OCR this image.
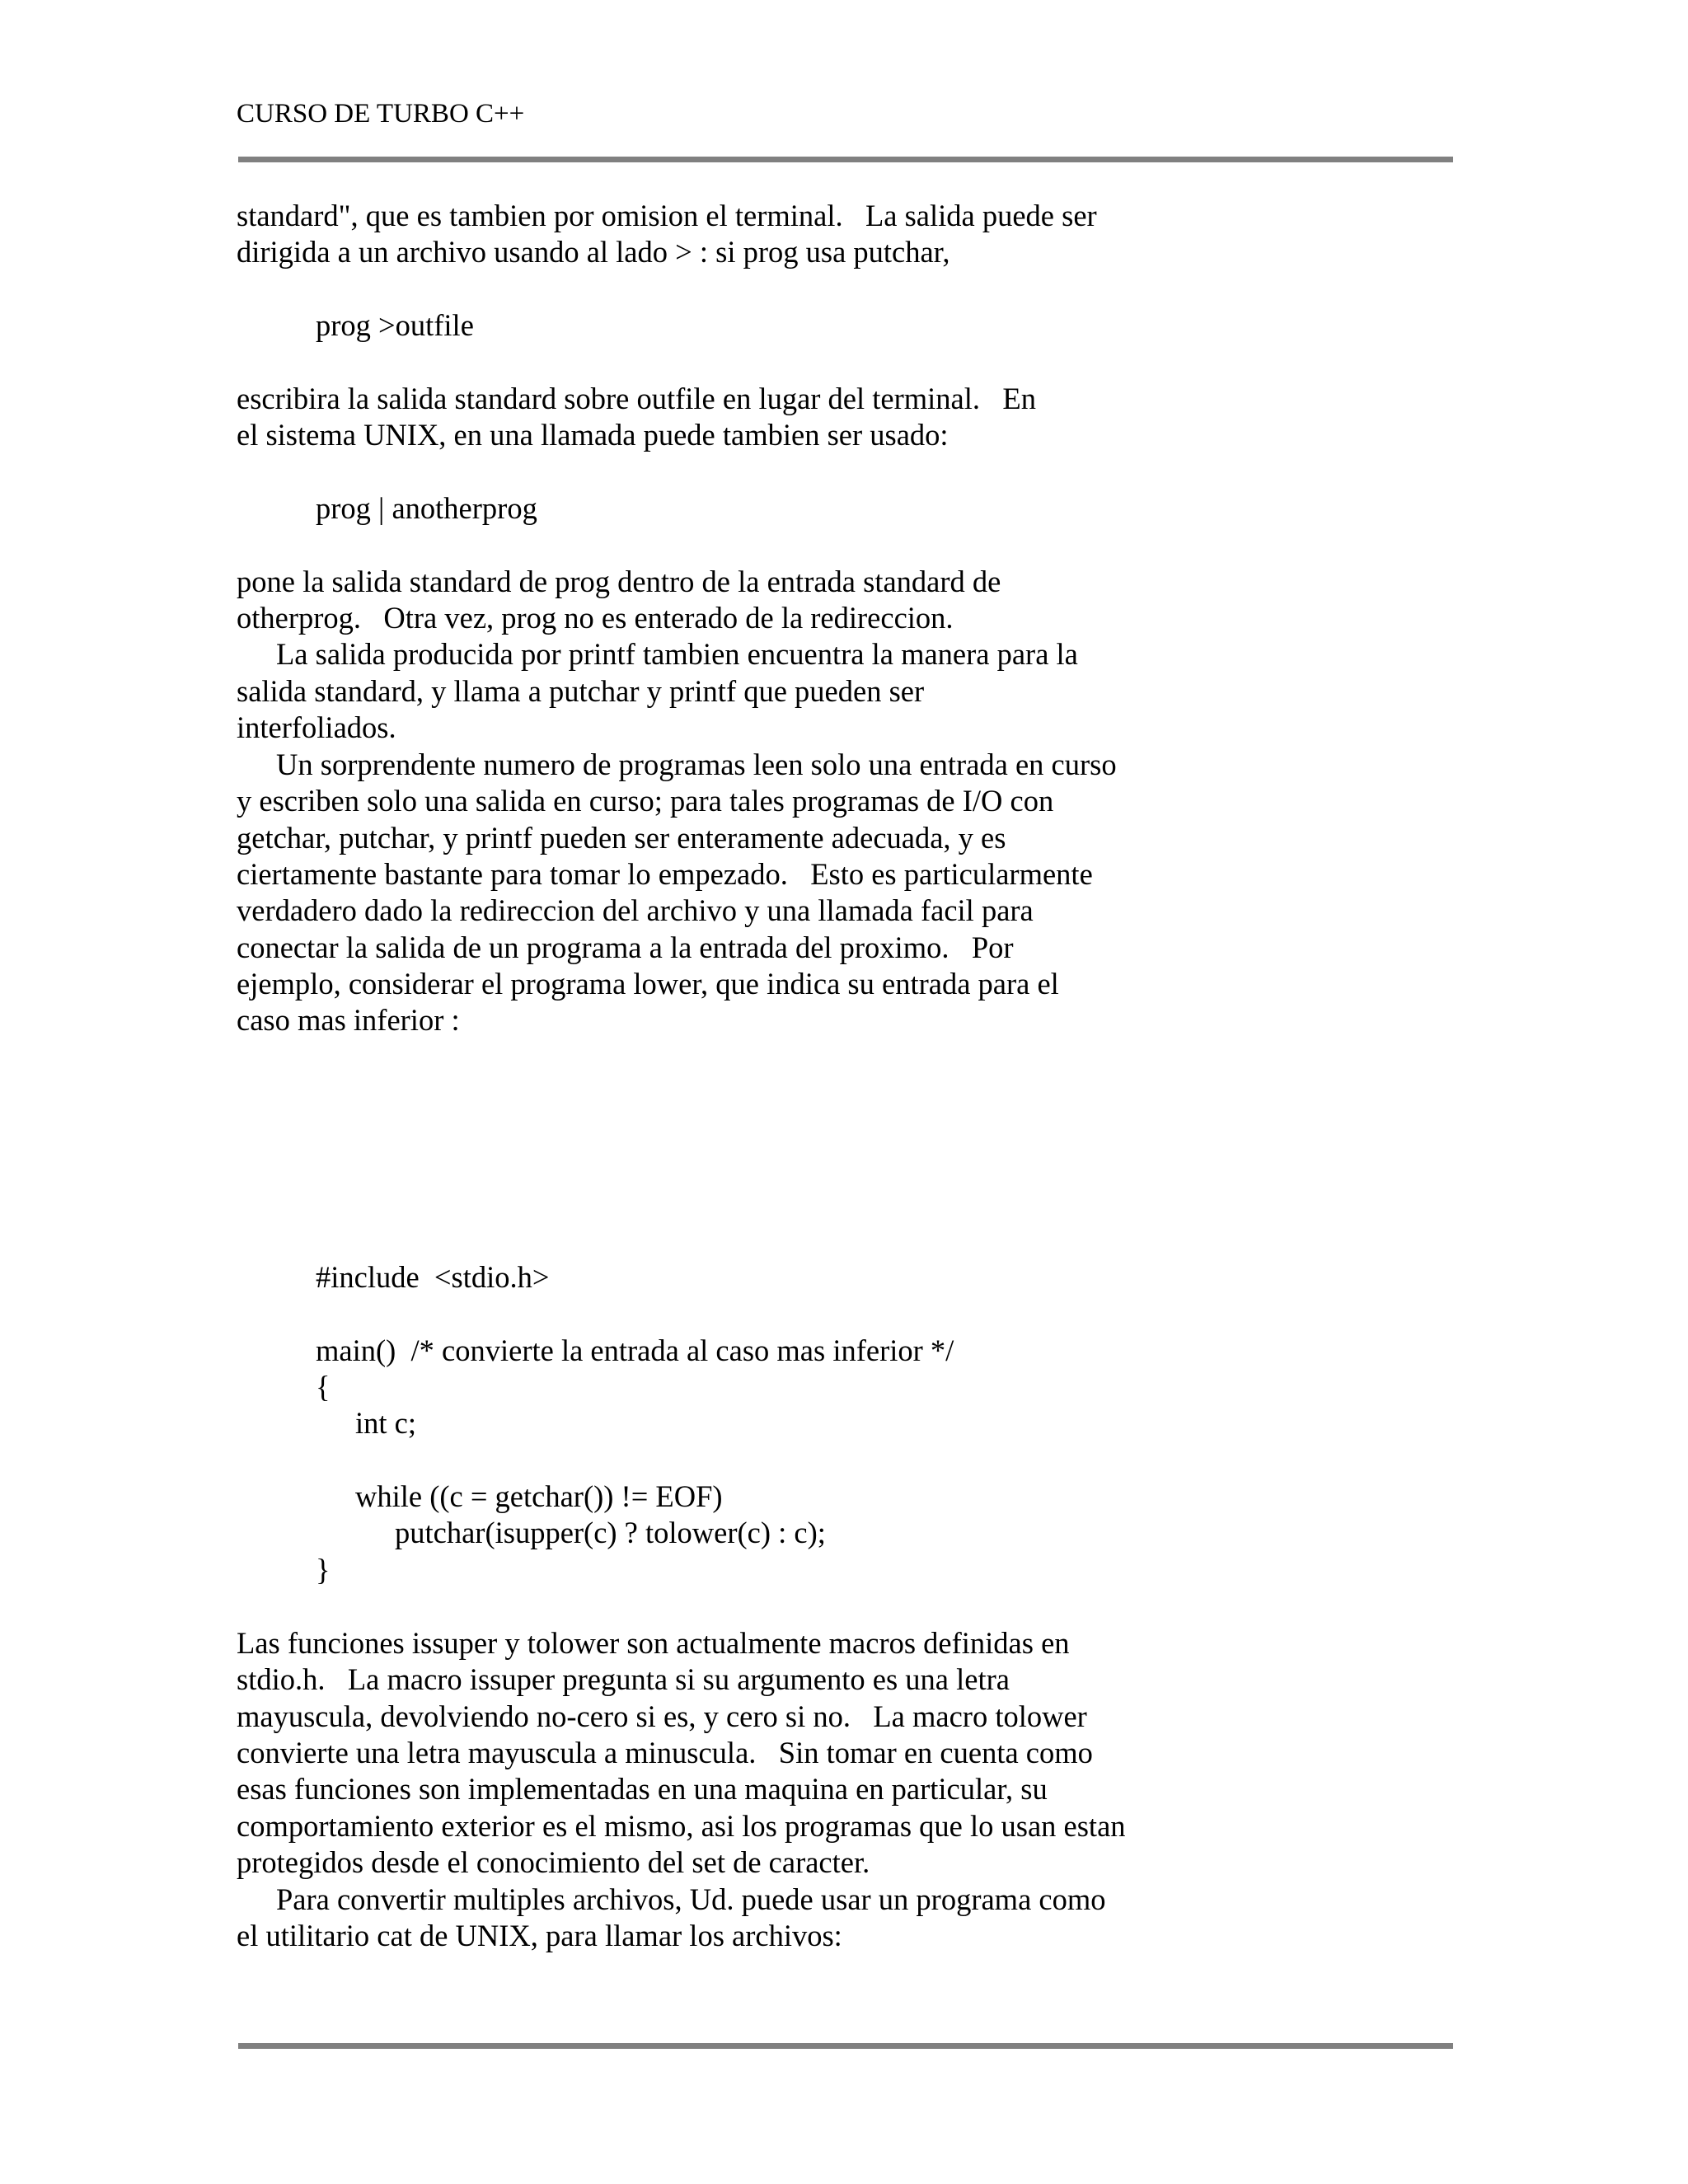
CURSO DE TURBO C++
standard", que es tambien por omision el terminal.   La salida puede ser
dirigida a un archivo usando al lado > : si prog usa putchar,
prog >outfile
escribira la salida standard sobre outfile en lugar del terminal.   En
el sistema UNIX, en una llamada puede tambien ser usado:
prog | anotherprog
pone la salida standard de prog dentro de la entrada standard de
otherprog.   Otra vez, prog no es enterado de la redireccion.
La salida producida por printf tambien encuentra la manera para la
salida standard, y llama a putchar y printf que pueden ser
interfoliados.
Un sorprendente numero de programas leen solo una entrada en curso
y escriben solo una salida en curso; para tales programas de I/O con
getchar, putchar, y printf pueden ser enteramente adecuada, y es
ciertamente bastante para tomar lo empezado.   Esto es particularmente
verdadero dado la redireccion del archivo y una llamada facil para
conectar la salida de un programa a la entrada del proximo.   Por
ejemplo, considerar el programa lower, que indica su entrada para el
caso mas inferior :
#include  <stdio.h>
main()  /* convierte la entrada al caso mas inferior */
{
int c;
while ((c = getchar()) != EOF)
putchar(isupper(c) ? tolower(c) : c);
}
Las funciones issuper y tolower son actualmente macros definidas en
stdio.h.   La macro issuper pregunta si su argumento es una letra
mayuscula, devolviendo no-cero si es, y cero si no.   La macro tolower
convierte una letra mayuscula a minuscula.   Sin tomar en cuenta como
esas funciones son implementadas en una maquina en particular, su
comportamiento exterior es el mismo, asi los programas que lo usan estan
protegidos desde el conocimiento del set de caracter.
Para convertir multiples archivos, Ud. puede usar un programa como
el utilitario cat de UNIX, para llamar los archivos:
